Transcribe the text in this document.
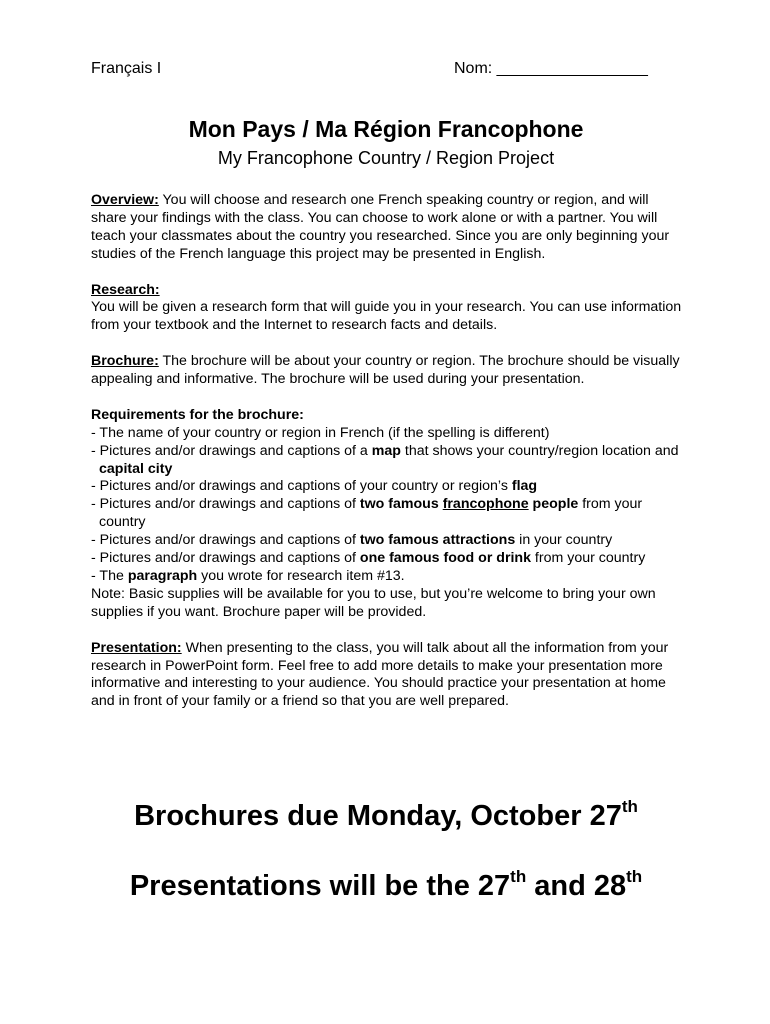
Français I	Nom: _________________
Mon Pays / Ma Région Francophone
My Francophone Country / Region Project

Overview: You will choose and research one French speaking country or region, and will share your findings with the class. You can choose to work alone or with a partner. You will teach your classmates about the country you researched. Since you are only beginning your studies of the French language this project may be presented in English.

Research:

You will be given a research form that will guide you in your research. You can use information from your textbook and the Internet to research facts and details.

Brochure: The brochure will be about your country or region. The brochure should be visually appealing and informative. The brochure will be used during your presentation.

Requirements for the brochure:

- The name of your country or region in French (if the spelling is different)
- Pictures and/or drawings and captions of a map that shows your country/region location and capital city
- Pictures and/or drawings and captions of your country or region’s flag
- Pictures and/or drawings and captions of two famous francophone people from your country
- Pictures and/or drawings and captions of two famous attractions in your country
- Pictures and/or drawings and captions of one famous food or drink from your country
- The paragraph you wrote for research item #13.

Note: Basic supplies will be available for you to use, but you’re welcome to bring your own supplies if you want. Brochure paper will be provided.

Presentation: When presenting to the class, you will talk about all the information from your research in PowerPoint form. Feel free to add more details to make your presentation more informative and interesting to your audience. You should practice your presentation at home and in front of your family or a friend so that you are well prepared.

Brochures due Monday, October 27th
Presentations will be the 27th and 28th
